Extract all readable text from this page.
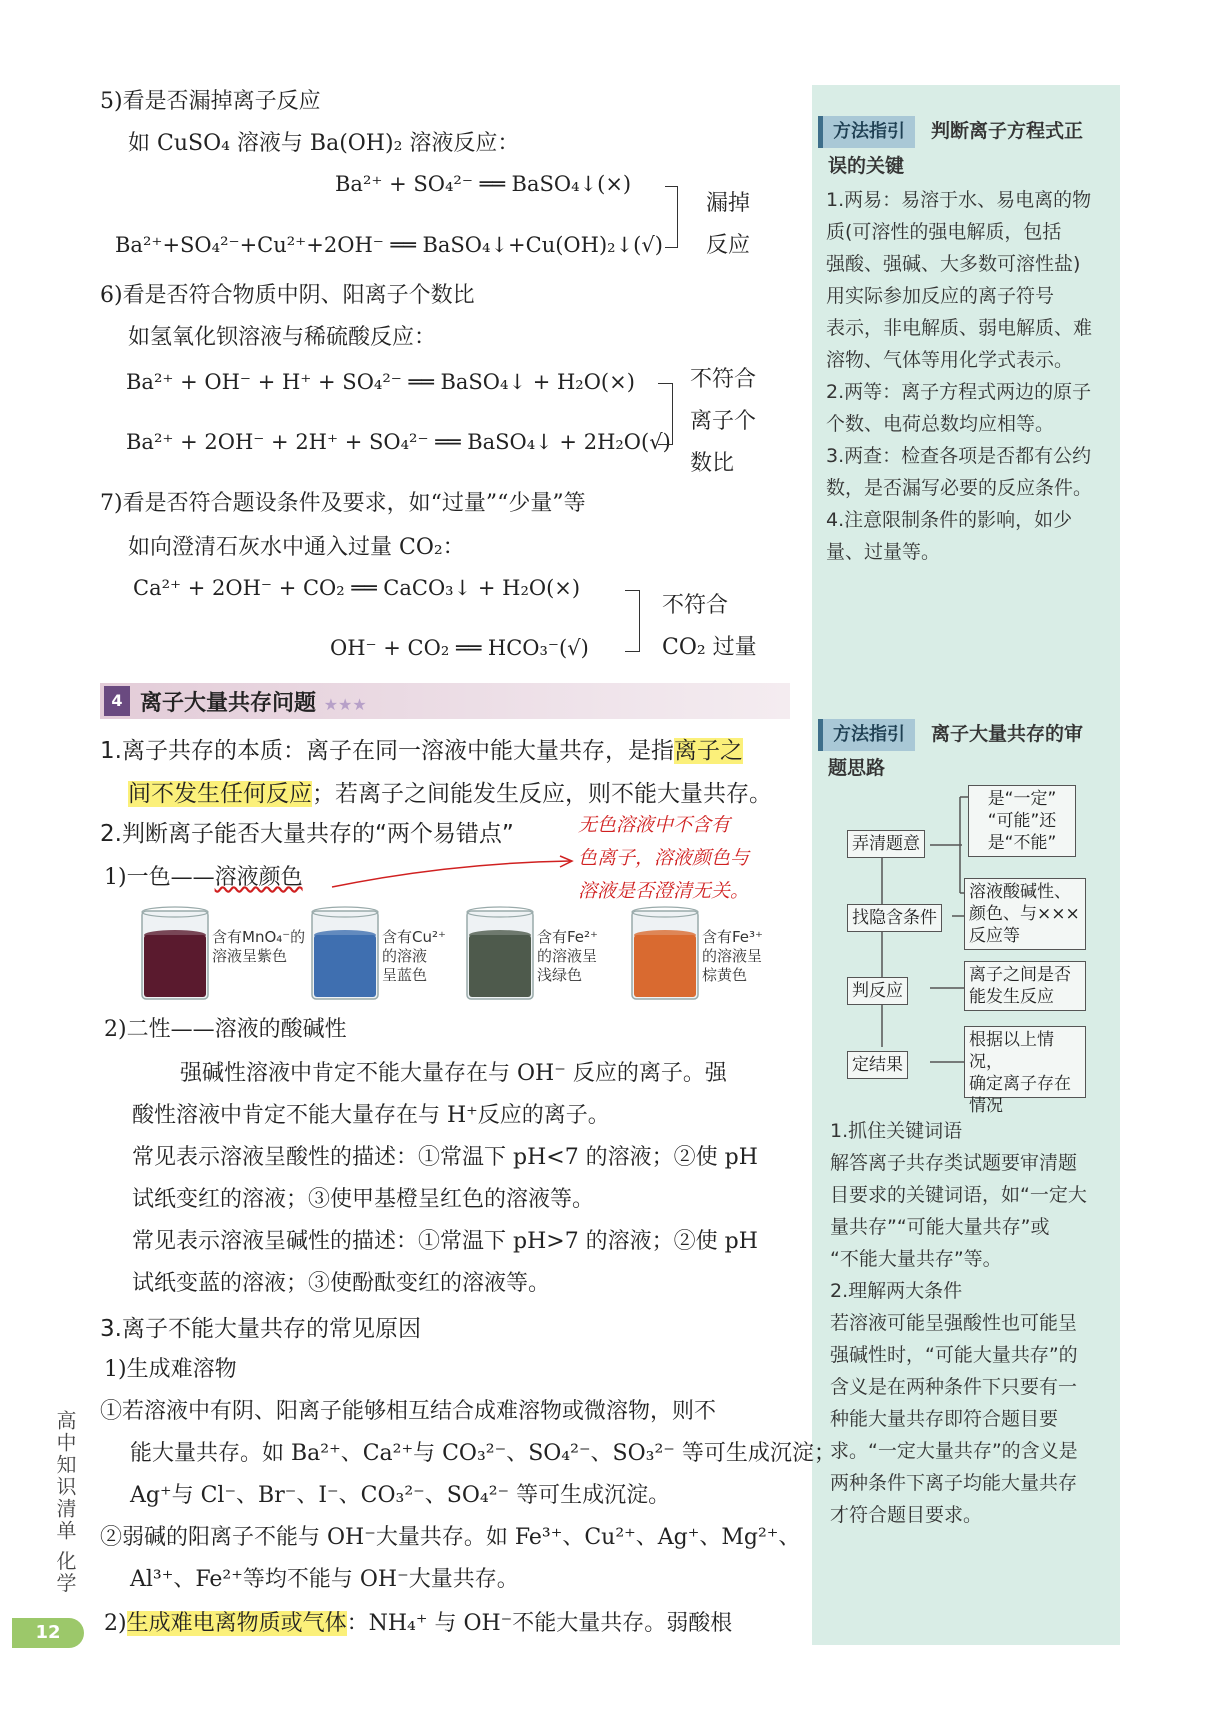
方法指引 判断离子方程式正
误的关键
1.两易：易溶于水、易电离的物
质(可溶性的强电解质，包括
强酸、强碱、大多数可溶性盐)
用实际参加反应的离子符号
表示，非电解质、弱电解质、难
溶物、气体等用化学式表示。
2.两等：离子方程式两边的原子
个数、电荷总数均应相等。
3.两查：检查各项是否都有公约
数，是否漏写必要的反应条件。
4.注意限制条件的影响，如少
量、过量等。
方法指引 离子大量共存的审
题思路
弄清题意
是“一定”
“可能”还
是“不能”
找隐含条件
溶液酸碱性、
颜色、与×××
反应等
判反应
离子之间是否
能发生反应
定结果
根据以上情况，
确定离子存在
情况
1.抓住关键词语
解答离子共存类试题要审清题
目要求的关键词语，如“一定大
量共存”“可能大量共存”或
“不能大量共存”等。
2.理解两大条件
若溶液可能呈强酸性也可能呈
强碱性时，“可能大量共存”的
含义是在两种条件下只要有一
种能大量共存即符合题目要
求。“一定大量共存”的含义是
两种条件下离子均能大量共存
才符合题目要求。
5)看是否漏掉离子反应
如 CuSO₄ 溶液与 Ba(OH)₂ 溶液反应：
Ba²⁺ + SO₄²⁻ ══ BaSO₄↓(×)
Ba²⁺+SO₄²⁻+Cu²⁺+2OH⁻ ══ BaSO₄↓+Cu(OH)₂↓(√)
漏掉
反应
6)看是否符合物质中阴、阳离子个数比
如氢氧化钡溶液与稀硫酸反应：
Ba²⁺ + OH⁻ + H⁺ + SO₄²⁻ ══ BaSO₄↓ + H₂O(×)
Ba²⁺ + 2OH⁻ + 2H⁺ + SO₄²⁻ ══ BaSO₄↓ + 2H₂O(√)
不符合
离子个
数比
7)看是否符合题设条件及要求，如“过量”“少量”等
如向澄清石灰水中通入过量 CO₂：
Ca²⁺ + 2OH⁻ + CO₂ ══ CaCO₃↓ + H₂O(×)
OH⁻ + CO₂ ══ HCO₃⁻(√)
不符合
CO₂ 过量
4 离子大量共存问题 ★★★
1.离子共存的本质：离子在同一溶液中能大量共存，是指离子之
间不发生任何反应；若离子之间能发生反应，则不能大量共存。
2.判断离子能否大量共存的“两个易错点”	无色溶液中不含有
色离子，溶液颜色与
溶液是否澄清无关。
1)一色——溶液颜色
含有MnO₄⁻的
溶液呈紫色
含有Cu²⁺
的溶液
呈蓝色
含有Fe²⁺
的溶液呈
浅绿色
含有Fe³⁺
的溶液呈
棕黄色
2)二性——溶液的酸碱性
强碱性溶液中肯定不能大量存在与 OH⁻ 反应的离子。强
酸性溶液中肯定不能大量存在与 H⁺反应的离子。
常见表示溶液呈酸性的描述：①常温下 pH<7 的溶液；②使 pH
试纸变红的溶液；③使甲基橙呈红色的溶液等。
常见表示溶液呈碱性的描述：①常温下 pH>7 的溶液；②使 pH
试纸变蓝的溶液；③使酚酞变红的溶液等。
3.离子不能大量共存的常见原因
1)生成难溶物
①若溶液中有阴、阳离子能够相互结合成难溶物或微溶物，则不
能大量共存。如 Ba²⁺、Ca²⁺与 CO₃²⁻、SO₄²⁻、SO₃²⁻ 等可生成沉淀；
Ag⁺与 Cl⁻、Br⁻、I⁻、CO₃²⁻、SO₄²⁻ 等可生成沉淀。
②弱碱的阳离子不能与 OH⁻大量共存。如 Fe³⁺、Cu²⁺、Ag⁺、Mg²⁺、
Al³⁺、Fe²⁺等均不能与 OH⁻大量共存。
2)生成难电离物质或气体：NH₄⁺ 与 OH⁻不能大量共存。弱酸根
高中知识清单 化学
12
